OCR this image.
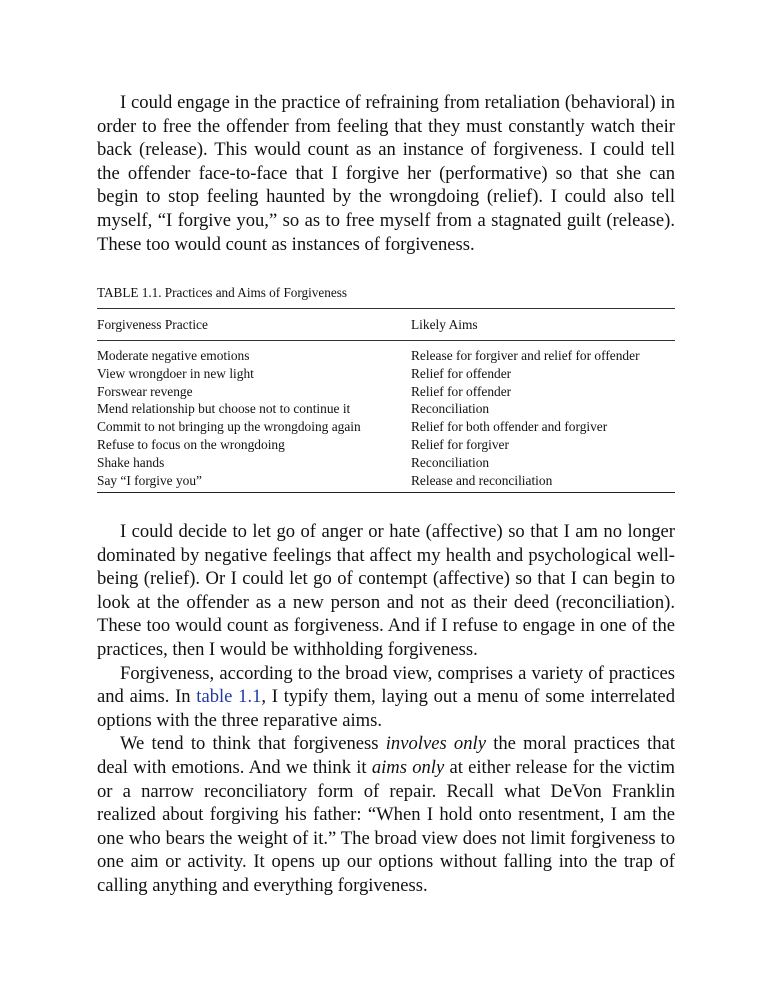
I could engage in the practice of refraining from retaliation (behavioral) in order to free the offender from feeling that they must constantly watch their back (release). This would count as an instance of forgiveness. I could tell the offender face-to-face that I forgive her (performative) so that she can begin to stop feeling haunted by the wrongdoing (relief). I could also tell myself, “I forgive you,” so as to free myself from a stagnated guilt (release). These too would count as instances of forgiveness.

TABLE 1.1. Practices and Aims of Forgiveness
Forgiveness Practice	Likely Aims
Moderate negative emotions	Release for forgiver and relief for offender
View wrongdoer in new light	Relief for offender
Forswear revenge	Relief for offender
Mend relationship but choose not to continue it	Reconciliation
Commit to not bringing up the wrongdoing again	Relief for both offender and forgiver
Refuse to focus on the wrongdoing	Relief for forgiver
Shake hands	Reconciliation
Say “I forgive you”	Release and reconciliation

I could decide to let go of anger or hate (affective) so that I am no longer dominated by negative feelings that affect my health and psychological well-being (relief). Or I could let go of contempt (affective) so that I can begin to look at the offender as a new person and not as their deed (reconciliation). These too would count as forgiveness. And if I refuse to engage in one of the practices, then I would be withholding forgiveness.

Forgiveness, according to the broad view, comprises a variety of practices and aims. In table 1.1, I typify them, laying out a menu of some interrelated options with the three reparative aims.

We tend to think that forgiveness involves only the moral practices that deal with emotions. And we think it aims only at either release for the victim or a narrow reconciliatory form of repair. Recall what DeVon Franklin realized about forgiving his father: “When I hold onto resentment, I am the one who bears the weight of it.” The broad view does not limit forgiveness to one aim or activity. It opens up our options without falling into the trap of calling anything and everything forgiveness.
